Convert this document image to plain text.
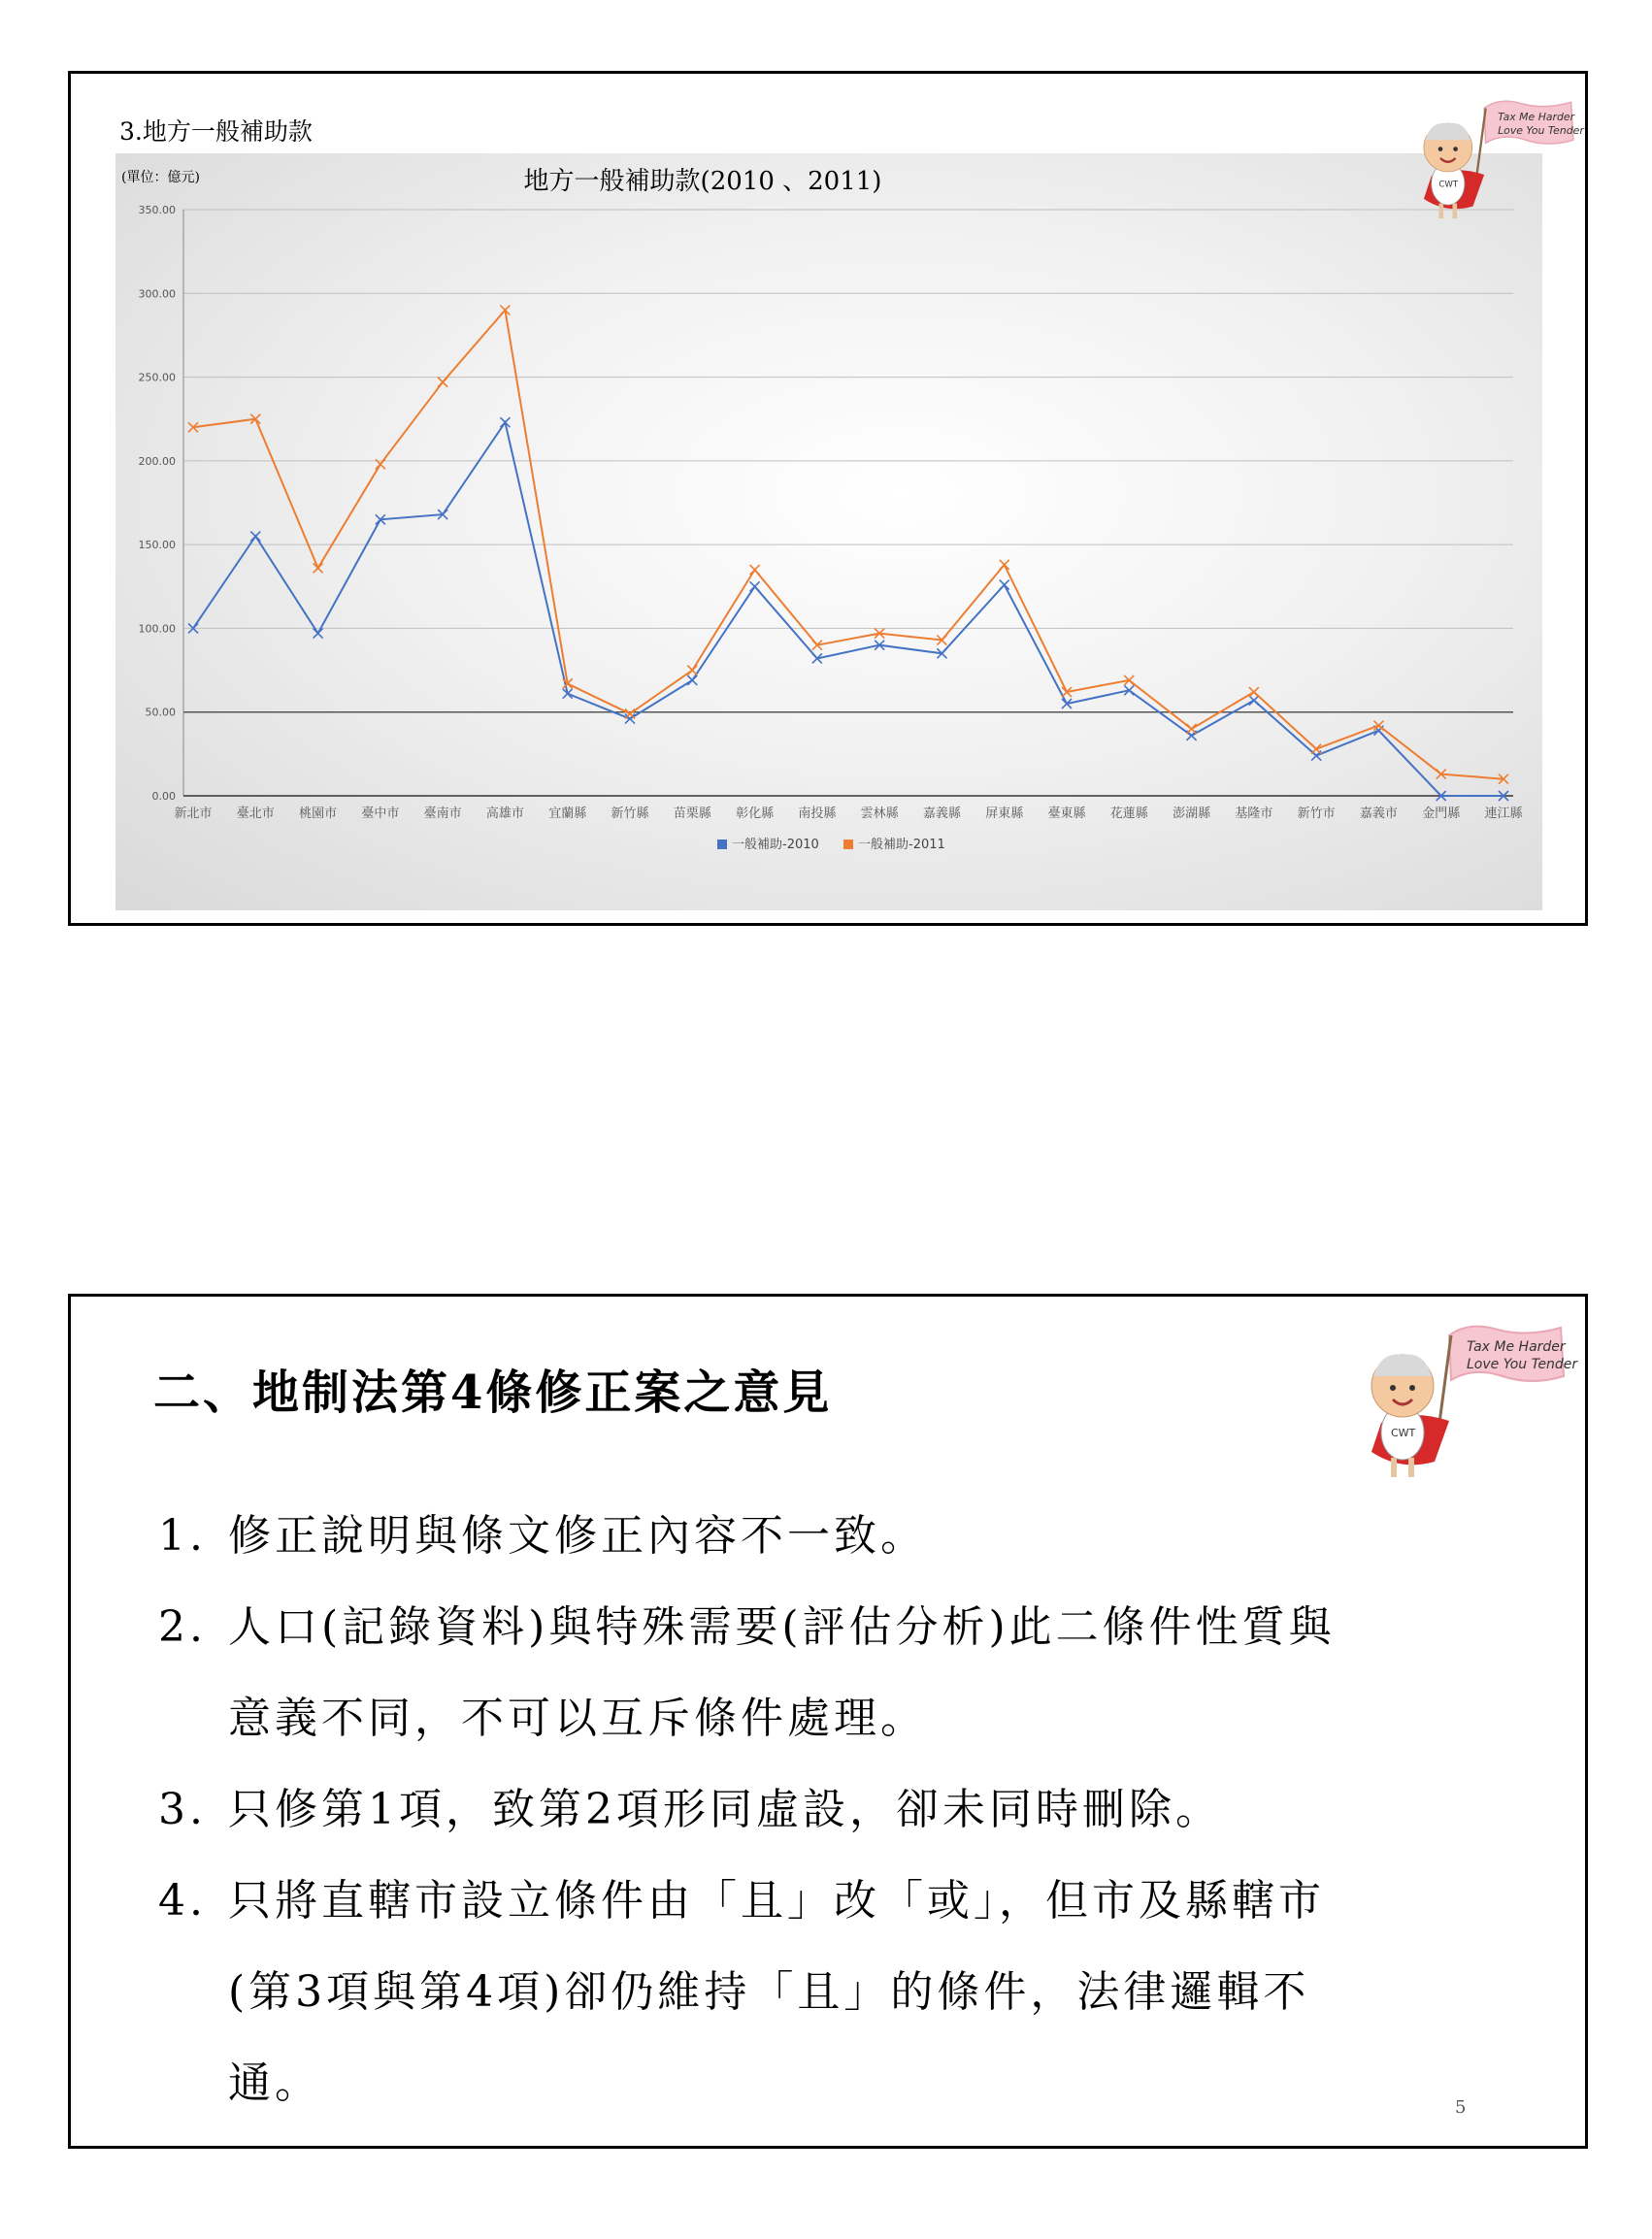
3.地方一般補助款
(單位：億元)	地方一般補助款(2010 、2011)
0.00
50.00
100.00
150.00
200.00
250.00
300.00
350.00
新北市 臺北市 桃園市 臺中市 臺南市 高雄市 宜蘭縣 新竹縣 苗栗縣 彰化縣 南投縣 雲林縣 嘉義縣 屏東縣 臺東縣 花蓮縣 澎湖縣 基隆市 新竹市 嘉義市 金門縣 連江縣
一般補助-2010	一般補助-2011
Tax Me Harder
Love You Tender
CWT
二、地制法第4條修正案之意見
Tax Me Harder
Love You Tender
CWT
1. 修正說明與條文修正內容不一致。
2. 人口(記錄資料)與特殊需要(評估分析)此二條件性質與意義不同，不可以互斥條件處理。
3. 只修第1項，致第2項形同虛設，卻未同時刪除。
4. 只將直轄市設立條件由「且」改「或」，但市及縣轄市(第3項與第4項)卻仍維持「且」的條件，法律邏輯不通。	5
